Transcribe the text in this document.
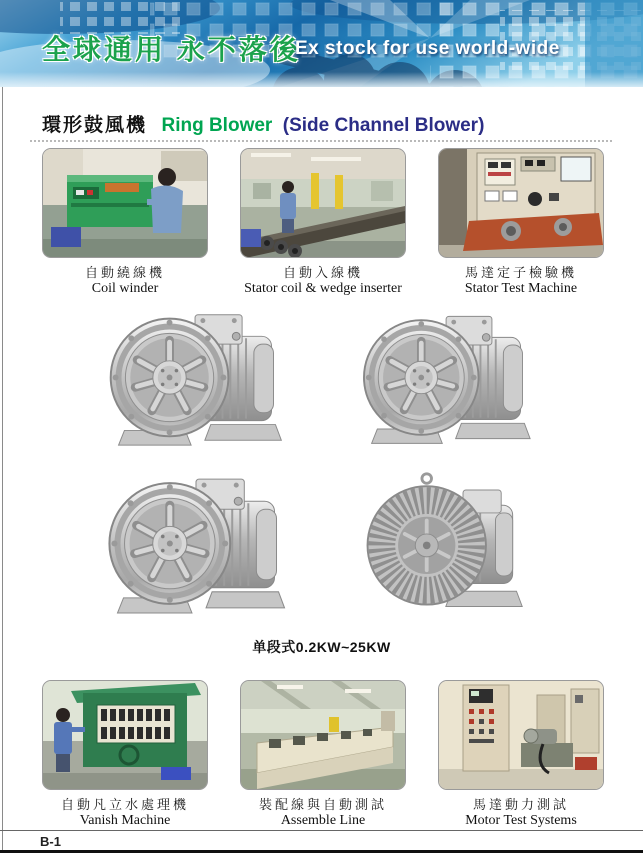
全球通用 永不落後
Ex stock for use world-wide
環形鼓風機 Ring Blower (Side Channel Blower)
自動繞線機
Coil winder
自動入線機
Stator coil & wedge inserter
馬達定子檢驗機
Stator Test Machine
单段式0.2KW~25KW
自動凡立水處理機
Vanish Machine
裝配線與自動測試
Assemble Line
馬達動力測試
Motor Test Systems
B-1
